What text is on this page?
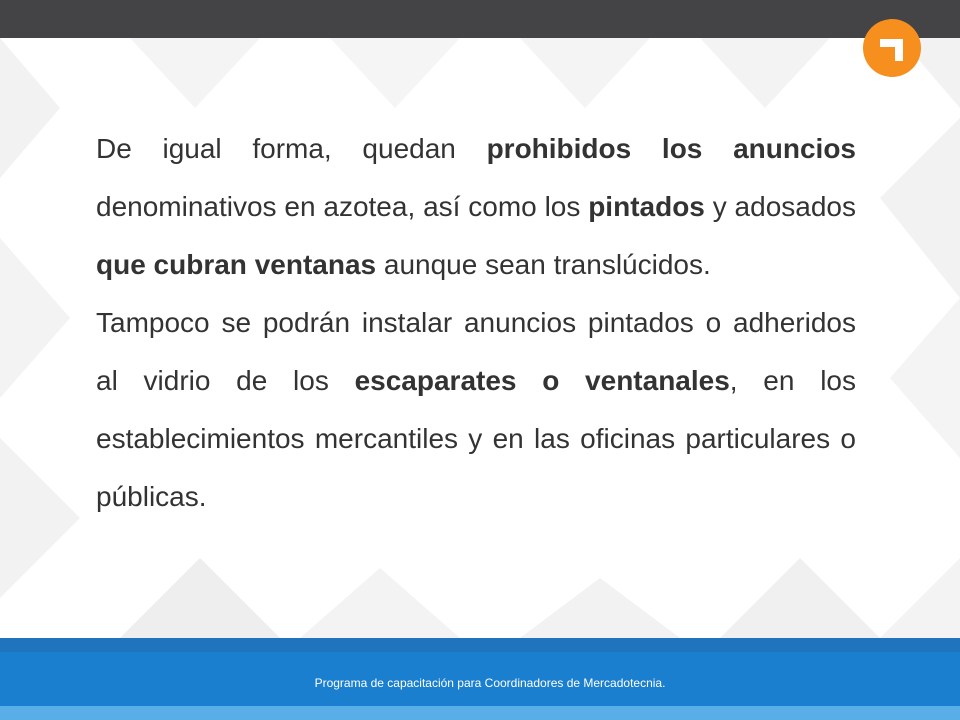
De igual forma, quedan prohibidos los anuncios denominativos en azotea, así como los pintados y adosados que cubran ventanas aunque sean translúcidos.

Tampoco se podrán instalar anuncios pintados o adheridos al vidrio de los escaparates o ventanales, en los establecimientos mercantiles y en las oficinas particulares o públicas.

Programa de capacitación para Coordinadores de Mercadotecnia.
